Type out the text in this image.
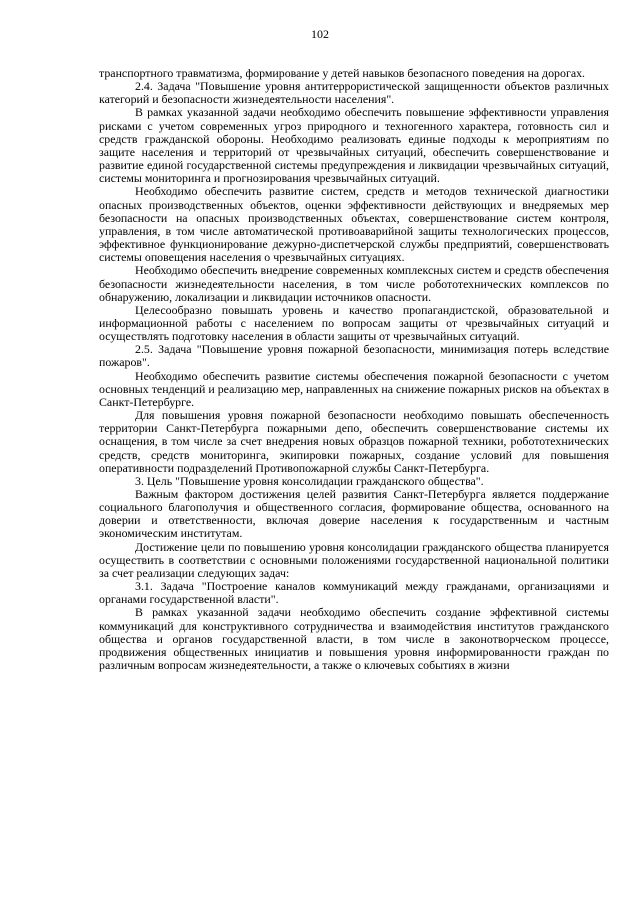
102

транспортного травматизма, формирование у детей навыков безопасного поведения на дорогах.

2.4. Задача "Повышение уровня антитеррористической защищенности объектов различных категорий и безопасности жизнедеятельности населения".

В рамках указанной задачи необходимо обеспечить повышение эффективности управления рисками с учетом современных угроз природного и техногенного характера, готовность сил и средств гражданской обороны. Необходимо реализовать единые подходы к мероприятиям по защите населения и территорий от чрезвычайных ситуаций, обеспечить совершенствование и развитие единой государственной системы предупреждения и ликвидации чрезвычайных ситуаций, системы мониторинга и прогнозирования чрезвычайных ситуаций.

Необходимо обеспечить развитие систем, средств и методов технической диагностики опасных производственных объектов, оценки эффективности действующих и внедряемых мер безопасности на опасных производственных объектах, совершенствование систем контроля, управления, в том числе автоматической противоаварийной защиты технологических процессов, эффективное функционирование дежурно-диспетчерской службы предприятий, совершенствовать системы оповещения населения о чрезвычайных ситуациях.

Необходимо обеспечить внедрение современных комплексных систем и средств обеспечения безопасности жизнедеятельности населения, в том числе робототехнических комплексов по обнаружению, локализации и ликвидации источников опасности.

Целесообразно повышать уровень и качество пропагандистской, образовательной и информационной работы с населением по вопросам защиты от чрезвычайных ситуаций и осуществлять подготовку населения в области защиты от чрезвычайных ситуаций.

2.5. Задача "Повышение уровня пожарной безопасности, минимизация потерь вследствие пожаров".

Необходимо обеспечить развитие системы обеспечения пожарной безопасности с учетом основных тенденций и реализацию мер, направленных на снижение пожарных рисков на объектах в Санкт-Петербурге.

Для повышения уровня пожарной безопасности необходимо повышать обеспеченность территории Санкт-Петербурга пожарными депо, обеспечить совершенствование системы их оснащения, в том числе за счет внедрения новых образцов пожарной техники, робототехнических средств, средств мониторинга, экипировки пожарных, создание условий для повышения оперативности подразделений Противопожарной службы Санкт-Петербурга.

3. Цель "Повышение уровня консолидации гражданского общества".

Важным фактором достижения целей развития Санкт-Петербурга является поддержание социального благополучия и общественного согласия, формирование общества, основанного на доверии и ответственности, включая доверие населения к государственным и частным экономическим институтам.

Достижение цели по повышению уровня консолидации гражданского общества планируется осуществить в соответствии с основными положениями государственной национальной политики за счет реализации следующих задач:

3.1. Задача "Построение каналов коммуникаций между гражданами, организациями и органами государственной власти".

В рамках указанной задачи необходимо обеспечить создание эффективной системы коммуникаций для конструктивного сотрудничества и взаимодействия институтов гражданского общества и органов государственной власти, в том числе в законотворческом процессе, продвижения общественных инициатив и повышения уровня информированности граждан по различным вопросам жизнедеятельности, а также о ключевых событиях в жизни
